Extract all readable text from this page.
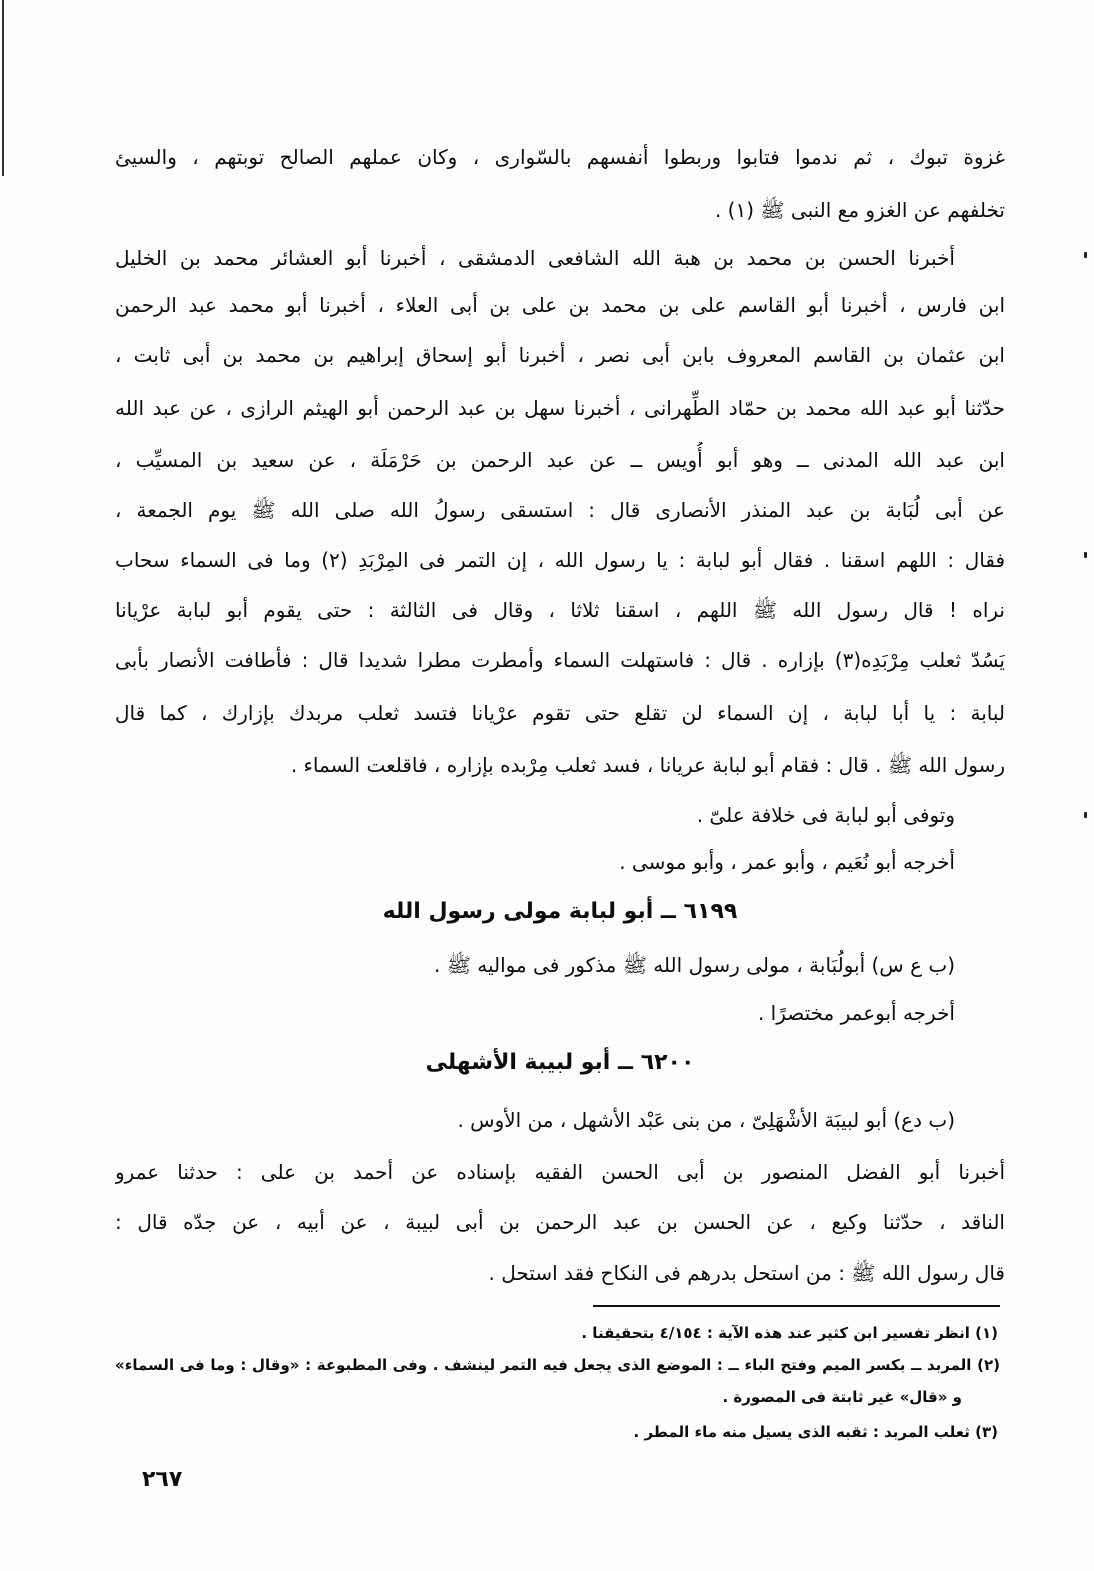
غزوة تبوك ، ثم ندموا فتابوا وربطوا أنفسهم بالسّوارى ، وكان عملهم الصالح توبتهم ، والسيئ
تخلفهم عن الغزو مع النبى ﷺ (١) .
أخبرنا الحسن بن محمد بن هبة الله الشافعى الدمشقى ، أخبرنا أبو العشائر محمد بن الخليل
ابن فارس ، أخبرنا أبو القاسم على بن محمد بن على بن أبى العلاء ، أخبرنا أبو محمد عبد الرحمن
ابن عثمان بن القاسم المعروف بابن أبى نصر ، أخبرنا أبو إسحاق إبراهيم بن محمد بن أبى ثابت ،
حدّثنا أبو عبد الله محمد بن حمّاد الطِّهرانى ، أخبرنا سهل بن عبد الرحمن أبو الهيثم الرازى ، عن عبد الله
ابن عبد الله المدنى ــ وهو أبو أُويس ــ عن عبد الرحمن بن حَرْمَلَة ، عن سعيد بن المسيِّب ،
عن أبى لُبَابة بن عبد المنذر الأنصارى قال : استسقى رسولُ الله صلى الله ﷺ يوم الجمعة ،
فقال : اللهم اسقنا . فقال أبو لبابة : يا رسول الله ، إن التمر فى المِرْبَدِ (٢) وما فى السماء سحاب
نراه ! قال رسول الله ﷺ اللهم ، اسقنا ثلاثا ، وقال فى الثالثة : حتى يقوم أبو لبابة عرْيانا
يَسُدّ ثعلب مِرْبَدِه(٣) بإزاره . قال : فاستهلت السماء وأمطرت مطرا شديدا قال : فأطافت الأنصار بأبى
لبابة : يا أبا لبابة ، إن السماء لن تقلع حتى تقوم عرْيانا فتسد ثعلب مربدك بإزارك ، كما قال
رسول الله ﷺ . قال : فقام أبو لبابة عريانا ، فسد ثعلب مِرْبده بإزاره ، فاقلعت السماء .
وتوفى أبو لبابة فى خلافة علىّ .
أخرجه أبو نُعَيم ، وأبو عمر ، وأبو موسى .
٦١٩٩ ــ أبو لبابة مولى رسول الله
(ب ع س) أبولُبَابة ، مولى رسول الله ﷺ مذكور فى مواليه ﷺ .
أخرجه أبوعمر مختصرًا .
٦٢٠٠ ــ أبو لبيبة الأشهلى
(ب دع) أبو لبيبَة الأشْهَلِىّ ، من بنى عَبْد الأشهل ، من الأوس .
أخبرنا أبو الفضل المنصور بن أبى الحسن الفقيه بإسناده عن أحمد بن على : حدثنا عمرو
الناقد ، حدّثنا وكيع ، عن الحسن بن عبد الرحمن بن أبى لبيبة ، عن أبيه ، عن جدّه قال :
قال رسول الله ﷺ : من استحل بدرهم فى النكاح فقد استحل .
(١) انظر تفسير ابن كثير عند هذه الآية : ٤/١٥٤ بتحقيقنا .
(٢) المربد ــ بكسر الميم وفتح الباء ــ : الموضع الذى يجعل فيه التمر لينشف . وفى المطبوعة : «وقال : وما فى السماء»
و «قال» غير ثابتة فى المصورة .
(٣) ثعلب المربد : ثقبه الذى يسيل منه ماء المطر .
٢٦٧
